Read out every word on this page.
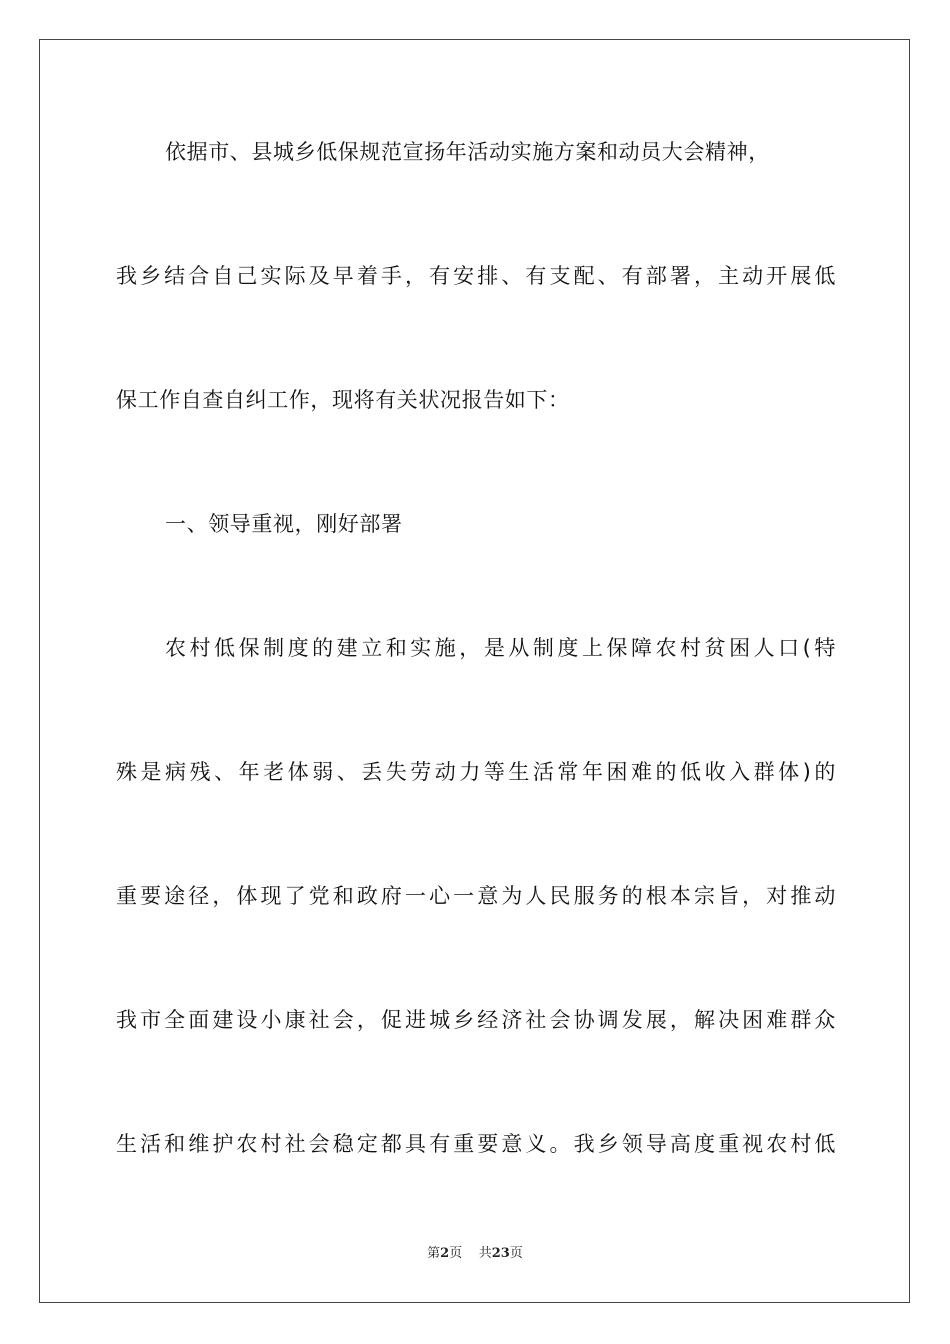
依据市、县城乡低保规范宣扬年活动实施方案和动员大会精神，
我乡结合自己实际及早着手，有安排、有支配、有部署，主动开展低
保工作自查自纠工作，现将有关状况报告如下：
一、领导重视，刚好部署
农村低保制度的建立和实施，是从制度上保障农村贫困人口(特
殊是病残、年老体弱、丢失劳动力等生活常年困难的低收入群体)的
重要途径，体现了党和政府一心一意为人民服务的根本宗旨，对推动
我市全面建设小康社会，促进城乡经济社会协调发展，解决困难群众
生活和维护农村社会稳定都具有重要意义。我乡领导高度重视农村低
第2页 共23页
